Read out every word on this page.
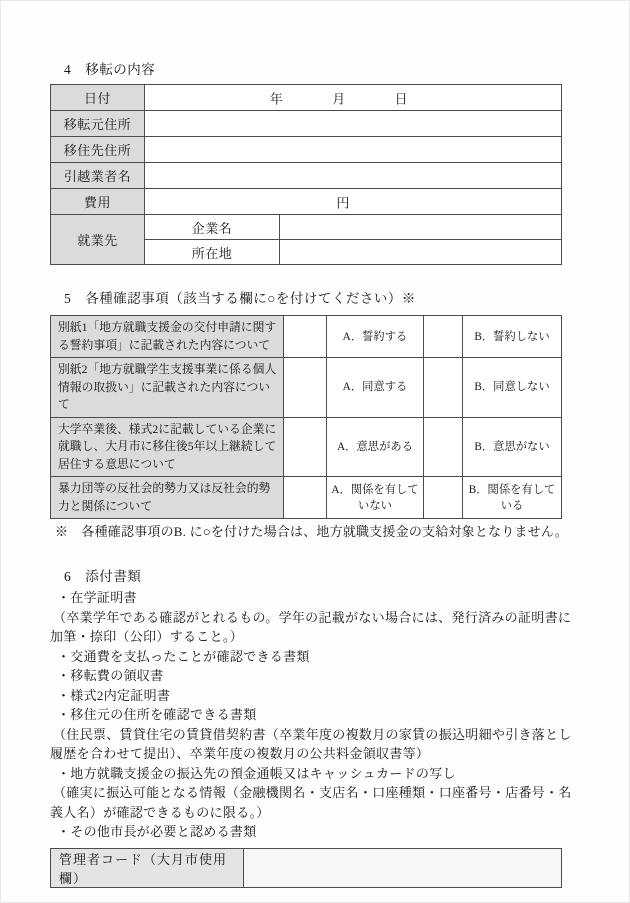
4　移転の内容
日付	年 月 日	

移転元住所		
移住先住所		
引越業者名		
費用	円	

就業先	企業名	
	所在地	
5　各種確認事項（該当する欄に○を付けてください）※
別紙1「地方就職支援金の交付申請に関する誓約事項」に記載された内容について		A．誓約する		B．誓約しない
別紙2「地方就職学生支援事業に係る個人情報の取扱い」に記載された内容について		A．同意する		B．同意しない
大学卒業後、様式2に記載している企業に就職し、大月市に移住後5年以上継続して居住する意思について		A．意思がある		B．意思がない
暴力団等の反社会的勢力又は反社会的勢力と関係について		A．関係を有していない		B．関係を有している

※　各種確認事項のB. に○を付けた場合は、地方就職支援金の支給対象となりません。

6　添付書類
・在学証明書
（卒業学年である確認がとれるもの。学年の記載がない場合には、発行済みの証明書に
加筆・捺印（公印）すること。）
・交通費を支払ったことが確認できる書類
・移転費の領収書
・様式2内定証明書
・移住元の住所を確認できる書類
（住民票、賃貸住宅の賃貸借契約書（卒業年度の複数月の家賃の振込明細や引き落とし
履歴を合わせて提出）、卒業年度の複数月の公共料金領収書等）
・地方就職支援金の振込先の預金通帳又はキャッシュカードの写し
（確実に振込可能となる情報（金融機関名・支店名・口座種類・口座番号・店番号・名
義人名）が確認できるものに限る。）
・その他市長が必要と認める書類
管理者コード（大月市使用欄）	
